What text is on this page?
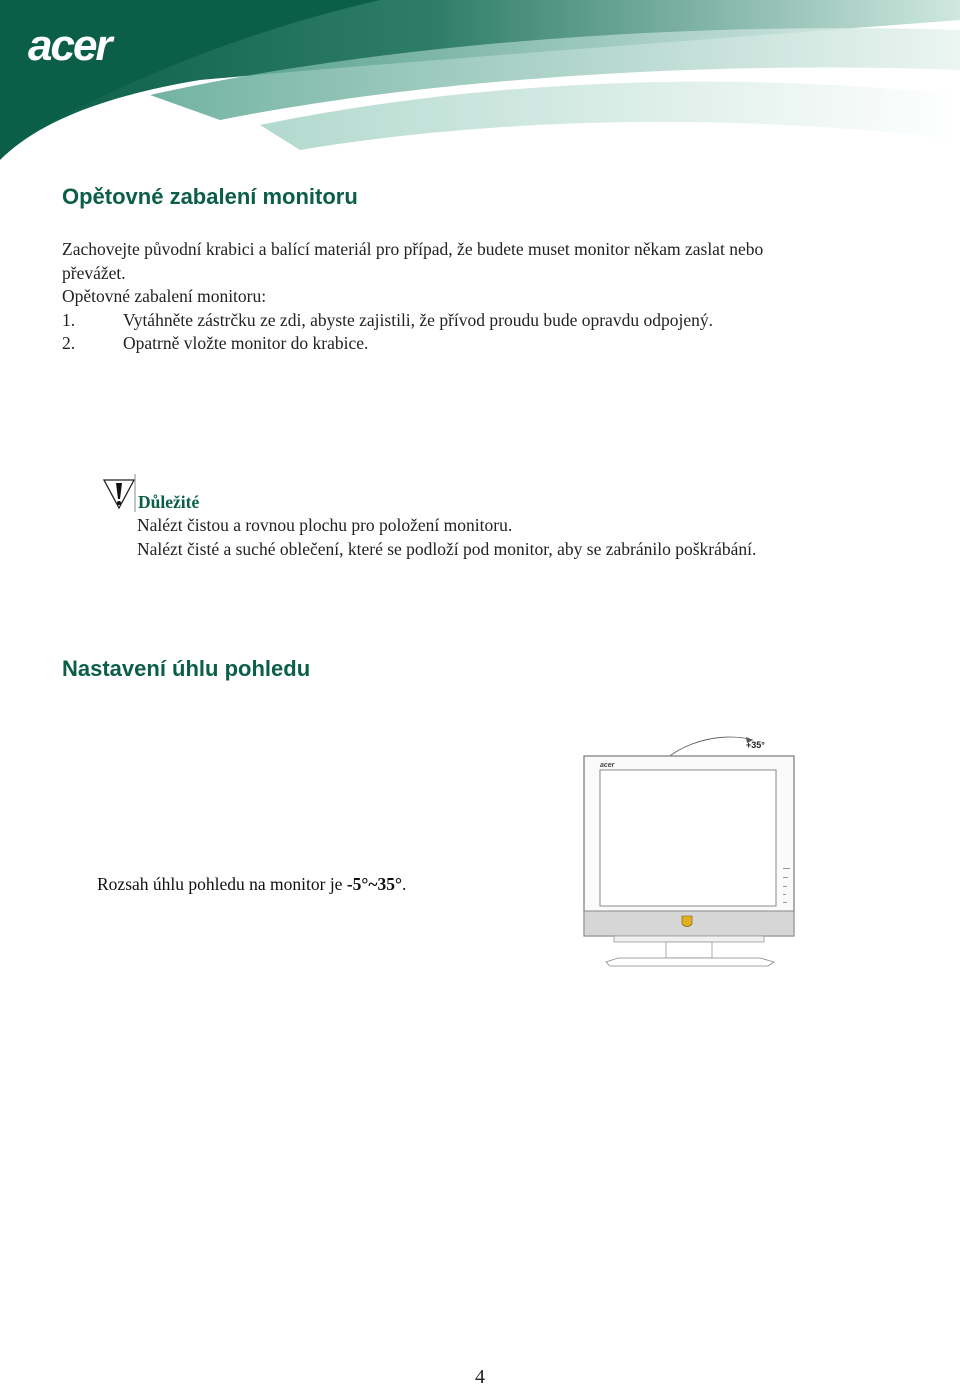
acer
Opětovné zabalení monitoru
Zachovejte původní krabici a balící materiál pro případ, že budete muset monitor někam zaslat nebo
převážet.
Opětovné zabalení monitoru:
1.	Vytáhněte zástrčku ze zdi, abyste zajistili, že přívod proudu bude opravdu odpojený.
2.	Opatrně vložte monitor do krabice.
Důležité
Nalézt čistou a rovnou plochu pro položení monitoru.
Nalézt čisté a suché oblečení, které se podloží pod monitor, aby se zabránilo poškrábání.
Nastavení úhlu pohledu
Rozsah úhlu pohledu na monitor je -5°~35°.
+35°
acer
4
